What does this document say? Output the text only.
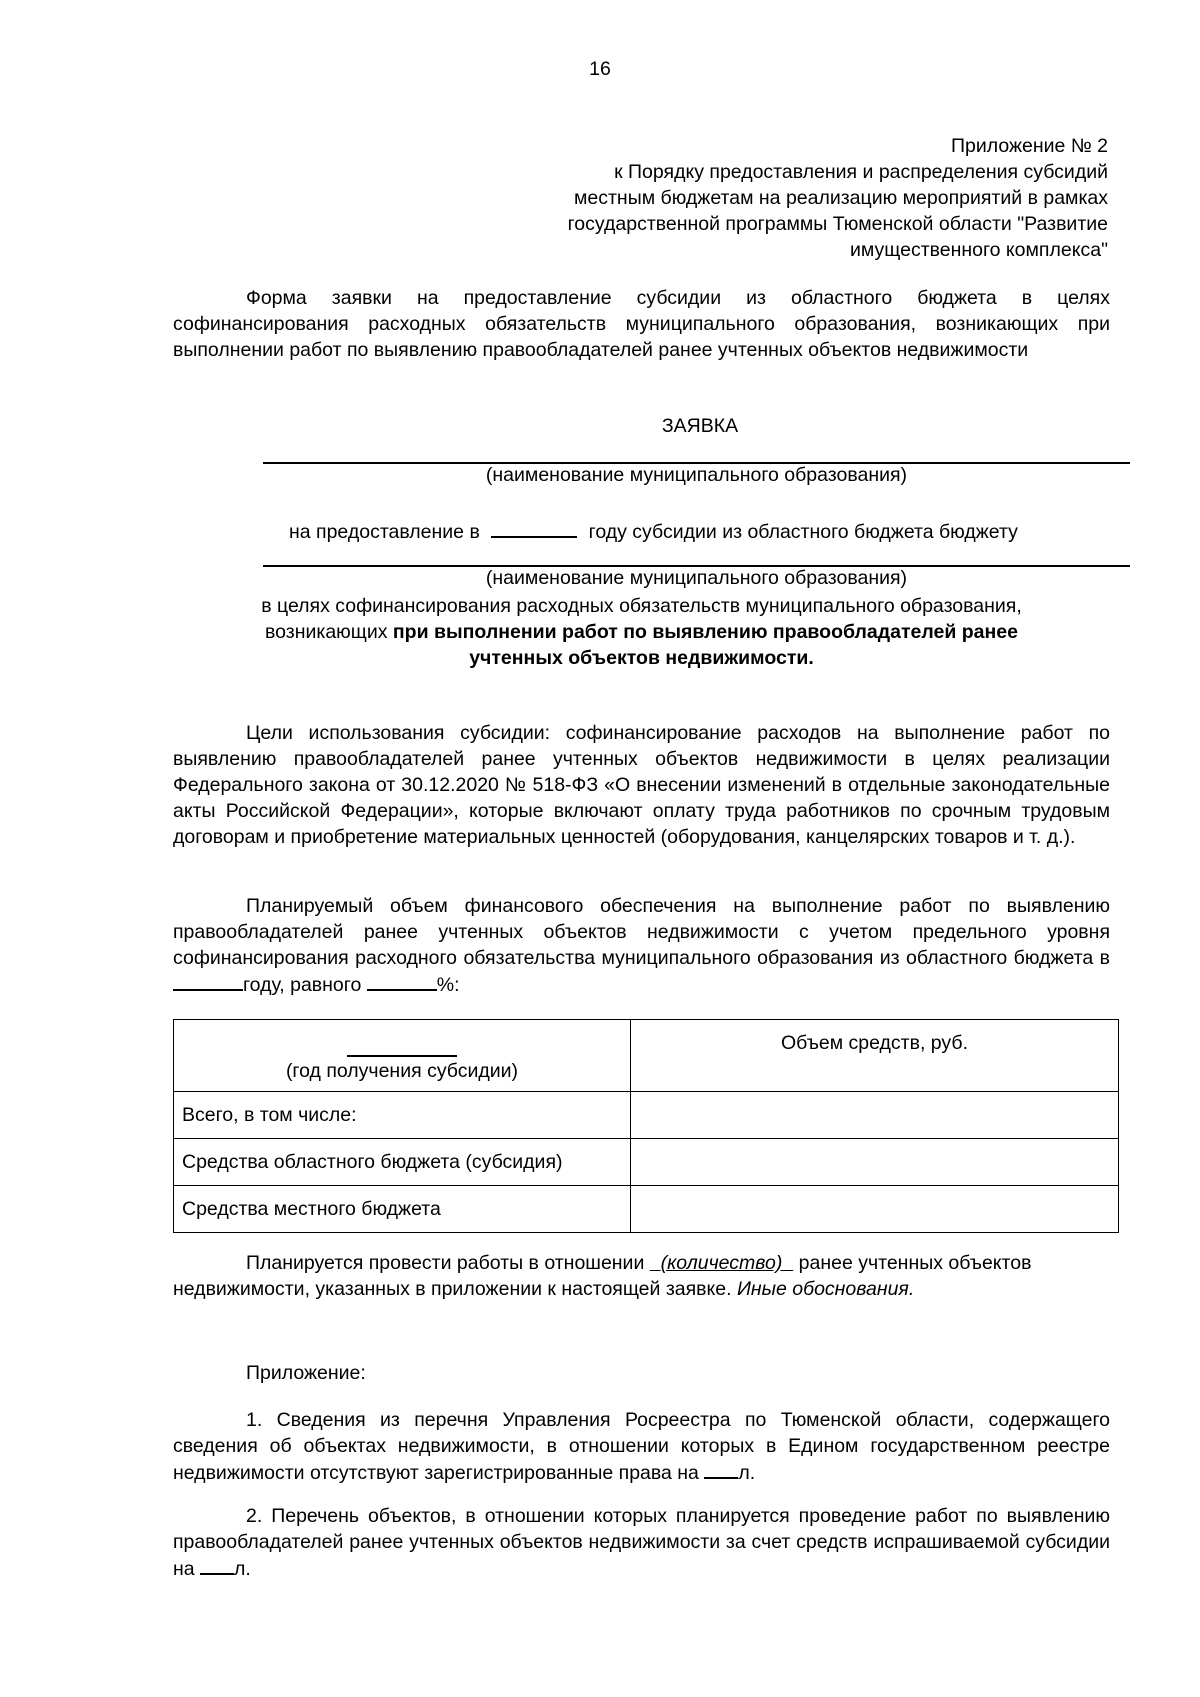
16
Приложение № 2
к Порядку предоставления и распределения субсидий
местным бюджетам на реализацию мероприятий в рамках
государственной программы Тюменской области "Развитие
имущественного комплекса"
Форма заявки на предоставление субсидии из областного бюджета в целях софинансирования расходных обязательств муниципального образования, возникающих при выполнении работ по выявлению правообладателей ранее учтенных объектов недвижимости
ЗАЯВКА
(наименование муниципального образования)
на предоставление в	году субсидии из областного бюджета бюджету
(наименование муниципального образования)
в целях софинансирования расходных обязательств муниципального образования,
возникающих при выполнении работ по выявлению правообладателей ранее
учтенных объектов недвижимости.
Цели использования субсидии: софинансирование расходов на выполнение работ по выявлению правообладателей ранее учтенных объектов недвижимости в целях реализации Федерального закона от 30.12.2020 № 518-ФЗ «О внесении изменений в отдельные законодательные акты Российской Федерации», которые включают оплату труда работников по срочным трудовым договорам и приобретение материальных ценностей (оборудования, канцелярских товаров и т. д.).
Планируемый объем финансового обеспечения на выполнение работ по выявлению правообладателей ранее учтенных объектов недвижимости с учетом предельного уровня софинансирования расходного обязательства муниципального образования из областного бюджета в году, равного	%:
(год получения субсидии)	Объем средств, руб.
Всего, в том числе:	
Средства областного бюджета (субсидия)	
Средства местного бюджета	
Планируется провести работы в отношении (количество) ранее учтенных объектов недвижимости, указанных в приложении к настоящей заявке. Иные обоснования.
Приложение:
1. Сведения из перечня Управления Росреестра по Тюменской области, содержащего сведения об объектах недвижимости, в отношении которых в Едином государственном реестре недвижимости отсутствуют зарегистрированные права на л.
2. Перечень объектов, в отношении которых планируется проведение работ по выявлению правообладателей ранее учтенных объектов недвижимости за счет средств испрашиваемой субсидии на л.
